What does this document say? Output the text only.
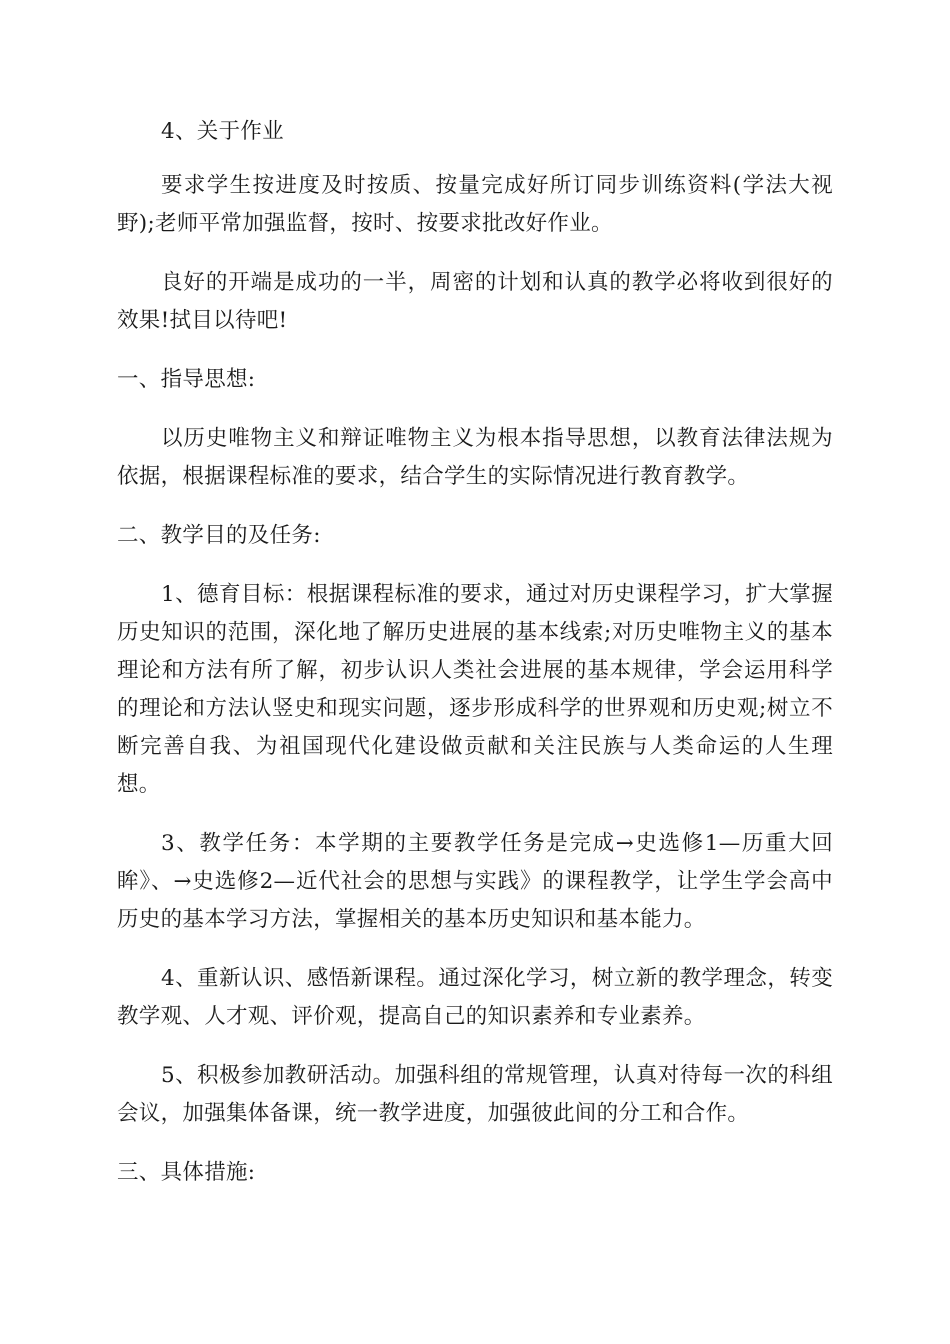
4、关于作业

要求学生按进度及时按质、按量完成好所订同步训练资料(学法大视野);老师平常加强监督，按时、按要求批改好作业。

良好的开端是成功的一半，周密的计划和认真的教学必将收到很好的效果!拭目以待吧!

一、指导思想:

以历史唯物主义和辩证唯物主义为根本指导思想，以教育法律法规为依据，根据课程标准的要求，结合学生的实际情况进行教育教学。

二、教学目的及任务:

1、德育目标：根据课程标准的要求，通过对历史课程学习，扩大掌握历史知识的范围，深化地了解历史进展的基本线索;对历史唯物主义的基本理论和方法有所了解，初步认识人类社会进展的基本规律，学会运用科学的理论和方法认竖史和现实问题，逐步形成科学的世界观和历史观;树立不断完善自我、为祖国现代化建设做贡献和关注民族与人类命运的人生理想。

3、教学任务：本学期的主要教学任务是完成→史选修1—历重大回眸》、→史选修2—近代社会的思想与实践》的课程教学，让学生学会高中历史的基本学习方法，掌握相关的基本历史知识和基本能力。

4、重新认识、感悟新课程。通过深化学习，树立新的教学理念，转变教学观、人才观、评价观，提高自己的知识素养和专业素养。

5、积极参加教研活动。加强科组的常规管理，认真对待每一次的科组会议，加强集体备课，统一教学进度，加强彼此间的分工和合作。

三、具体措施:
